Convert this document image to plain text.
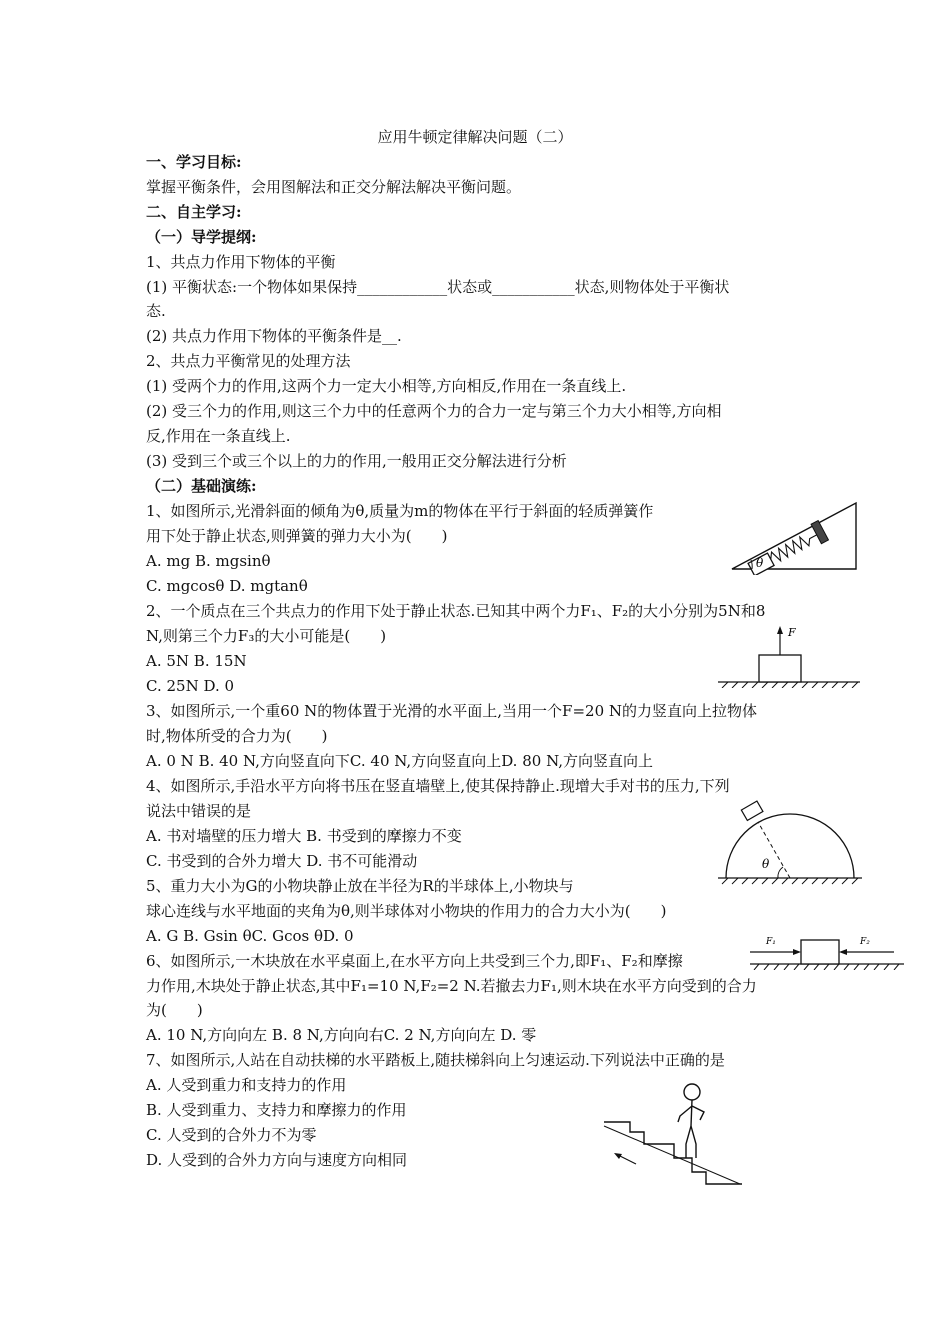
应用牛顿定律解决问题（二）
一、学习目标:
掌握平衡条件，会用图解法和正交分解法解决平衡问题。
二、自主学习:
（一）导学提纲:
1、共点力作用下物体的平衡
(1) 平衡状态:一个物体如果保持____________状态或___________状态,则物体处于平衡状
态.
(2) 共点力作用下物体的平衡条件是__.
2、共点力平衡常见的处理方法
(1) 受两个力的作用,这两个力一定大小相等,方向相反,作用在一条直线上.
(2) 受三个力的作用,则这三个力中的任意两个力的合力一定与第三个力大小相等,方向相
反,作用在一条直线上.
(3) 受到三个或三个以上的力的作用,一般用正交分解法进行分析
（二）基础演练:
1、如图所示,光滑斜面的倾角为θ,质量为m的物体在平行于斜面的轻质弹簧作
用下处于静止状态,则弹簧的弹力大小为(　　)
A. mg B. mgsinθ
C. mgcosθ D. mgtanθ
2、一个质点在三个共点力的作用下处于静止状态.已知其中两个力F₁、F₂的大小分别为5N和8
N,则第三个力F₃的大小可能是(　　)
A. 5N B. 15N
C. 25N D. 0
3、如图所示,一个重60 N的物体置于光滑的水平面上,当用一个F=20 N的力竖直向上拉物体
时,物体所受的合力为(　　)
A. 0 N B. 40 N,方向竖直向下C. 40 N,方向竖直向上D. 80 N,方向竖直向上
4、如图所示,手沿水平方向将书压在竖直墙壁上,使其保持静止.现增大手对书的压力,下列
说法中错误的是
A. 书对墙壁的压力增大 B. 书受到的摩擦力不变
C. 书受到的合外力增大 D. 书不可能滑动
5、重力大小为G的小物块静止放在半径为R的半球体上,小物块与
球心连线与水平地面的夹角为θ,则半球体对小物块的作用力的合力大小为(　　)
A. G B. Gsin θC. Gcos θD. 0
6、如图所示,一木块放在水平桌面上,在水平方向上共受到三个力,即F₁、F₂和摩擦
力作用,木块处于静止状态,其中F₁=10 N,F₂=2 N.若撤去力F₁,则木块在水平方向受到的合力
为(　　)
A. 10 N,方向向左 B. 8 N,方向向右C. 2 N,方向向左 D. 零
7、如图所示,人站在自动扶梯的水平踏板上,随扶梯斜向上匀速运动.下列说法中正确的是
A. 人受到重力和支持力的作用
B. 人受到重力、支持力和摩擦力的作用
C. 人受到的合外力不为零
D. 人受到的合外力方向与速度方向相同
θ
F
θ
F₁	F₂
